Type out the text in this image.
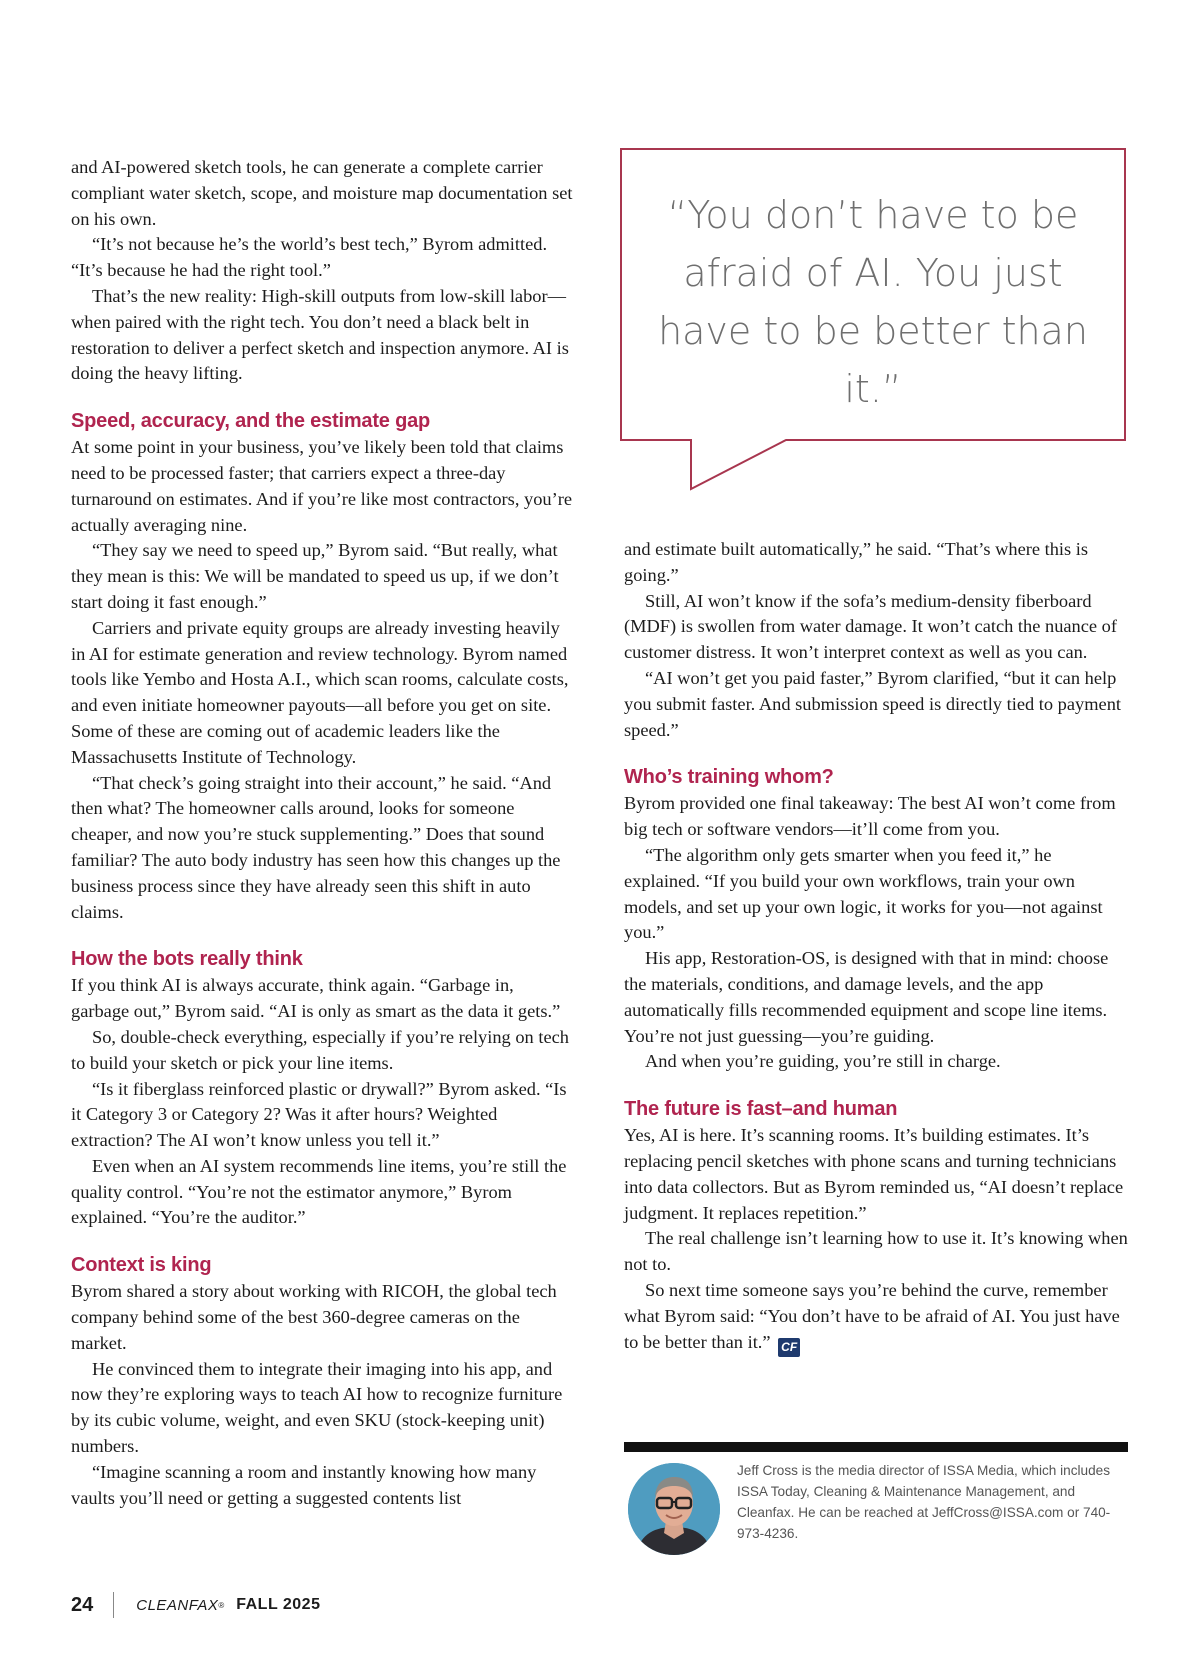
and AI-powered sketch tools, he can generate a complete carrier compliant water sketch, scope, and moisture map documentation set on his own.

“It’s not because he’s the world’s best tech,” Byrom admitted. “It’s because he had the right tool.”

That’s the new reality: High-skill outputs from low-skill labor—when paired with the right tech. You don’t need a black belt in restoration to deliver a perfect sketch and inspection anymore. AI is doing the heavy lifting.

Speed, accuracy, and the estimate gap

At some point in your business, you’ve likely been told that claims need to be processed faster; that carriers expect a three-day turnaround on estimates. And if you’re like most contractors, you’re actually averaging nine.

“They say we need to speed up,” Byrom said. “But really, what they mean is this: We will be mandated to speed us up, if we don’t start doing it fast enough.”

Carriers and private equity groups are already investing heavily in AI for estimate generation and review technology. Byrom named tools like Yembo and Hosta A.I., which scan rooms, calculate costs, and even initiate homeowner payouts—all before you get on site. Some of these are coming out of academic leaders like the Massachusetts Institute of Technology.

“That check’s going straight into their account,” he said. “And then what? The homeowner calls around, looks for someone cheaper, and now you’re stuck supplementing.” Does that sound familiar? The auto body industry has seen how this changes up the business process since they have already seen this shift in auto claims.

How the bots really think

If you think AI is always accurate, think again. “Garbage in, garbage out,” Byrom said. “AI is only as smart as the data it gets.”

So, double-check everything, especially if you’re relying on tech to build your sketch or pick your line items.

“Is it fiberglass reinforced plastic or drywall?” Byrom asked. “Is it Category 3 or Category 2? Was it after hours? Weighted extraction? The AI won’t know unless you tell it.”

Even when an AI system recommends line items, you’re still the quality control. “You’re not the estimator anymore,” Byrom explained. “You’re the auditor.”

Context is king

Byrom shared a story about working with RICOH, the global tech company behind some of the best 360-degree cameras on the market.

He convinced them to integrate their imaging into his app, and now they’re exploring ways to teach AI how to recognize furniture by its cubic volume, weight, and even SKU (stock-keeping unit) numbers.

“Imagine scanning a room and instantly knowing how many vaults you’ll need or getting a suggested contents list

“You don’t have to be afraid of AI. You just have to be better than it.”

and estimate built automatically,” he said. “That’s where this is going.”

Still, AI won’t know if the sofa’s medium-density fiberboard (MDF) is swollen from water damage. It won’t catch the nuance of customer distress. It won’t interpret context as well as you can.

“AI won’t get you paid faster,” Byrom clarified, “but it can help you submit faster. And submission speed is directly tied to payment speed.”

Who’s training whom?

Byrom provided one final takeaway: The best AI won’t come from big tech or software vendors—it’ll come from you.

“The algorithm only gets smarter when you feed it,” he explained. “If you build your own workflows, train your own models, and set up your own logic, it works for you—not against you.”

His app, Restoration-OS, is designed with that in mind: choose the materials, conditions, and damage levels, and the app automatically fills recommended equipment and scope line items. You’re not just guessing—you’re guiding.

And when you’re guiding, you’re still in charge.

The future is fast–and human

Yes, AI is here. It’s scanning rooms. It’s building estimates. It’s replacing pencil sketches with phone scans and turning technicians into data collectors. But as Byrom reminded us, “AI doesn’t replace judgment. It replaces repetition.”

The real challenge isn’t learning how to use it. It’s knowing when not to.

So next time someone says you’re behind the curve, remember what Byrom said: “You don’t have to be afraid of AI. You just have to be better than it.” CF

Jeff Cross is the media director of ISSA Media, which includes ISSA Today, Cleaning & Maintenance Management, and Cleanfax. He can be reached at JeffCross@ISSA.com or 740-973-4236.

24	CLEANFAX ® FALL 2025
